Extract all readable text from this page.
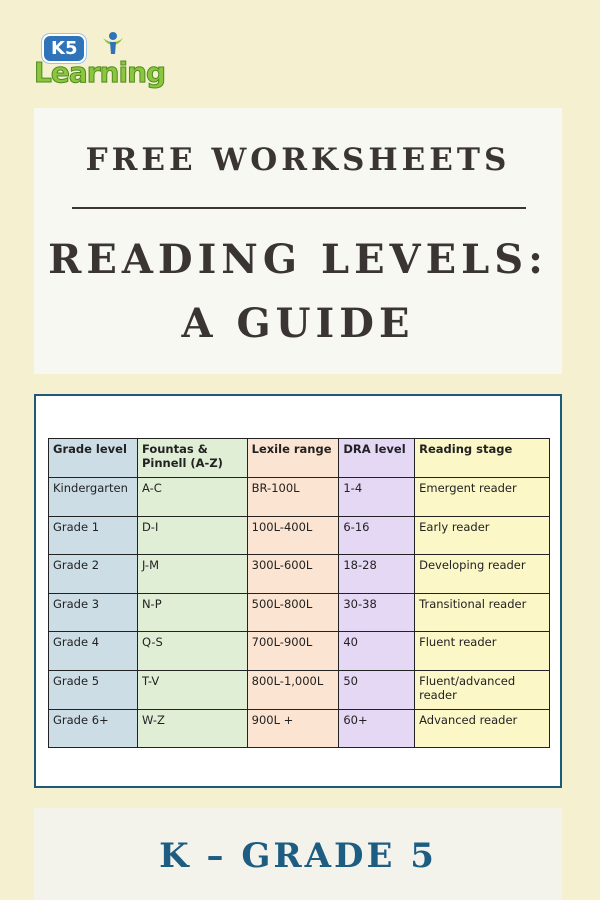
K5
Learning
FREE WORKSHEETS
READING LEVELS:
A GUIDE
Grade level	Fountas & Pinnell (A-Z)	Lexile range	DRA level	Reading stage
Kindergarten	A-C	BR-100L	1-4	Emergent reader
Grade 1	D-I	100L-400L	6-16	Early reader
Grade 2	J-M	300L-600L	18-28	Developing reader
Grade 3	N-P	500L-800L	30-38	Transitional reader
Grade 4	Q-S	700L-900L	40	Fluent reader
Grade 5	T-V	800L-1,000L	50	Fluent/advanced reader
Grade 6+	W-Z	900L +	60+	Advanced reader
K – GRADE 5
